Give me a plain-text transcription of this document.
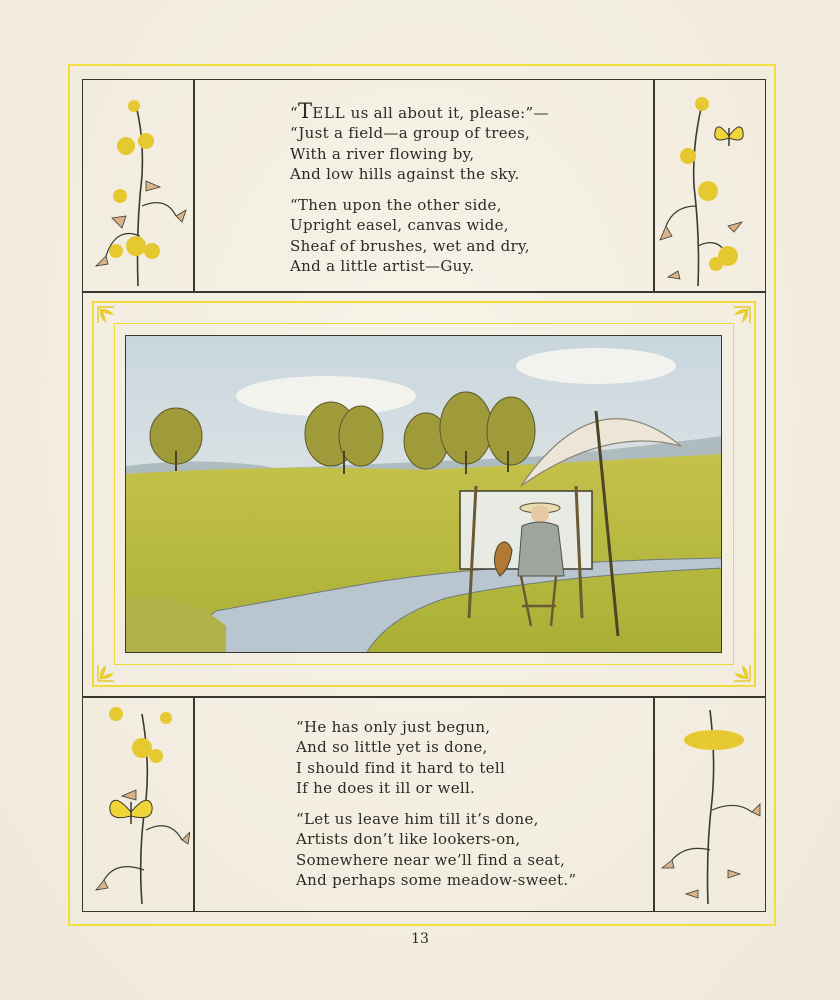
“TELL us all about it, please:”—

“Just a field—a group of trees,

With a river flowing by,

And low hills against the sky.

“Then upon the other side,

Upright easel, canvas wide,

Sheaf of brushes, wet and dry,

And a little artist—Guy.

“He has only just begun,

And so little yet is done,

I should find it hard to tell

If he does it ill or well.

“Let us leave him till it’s done,

Artists don’t like lookers-on,

Somewhere near we’ll find a seat,

And perhaps some meadow-sweet.”

13
